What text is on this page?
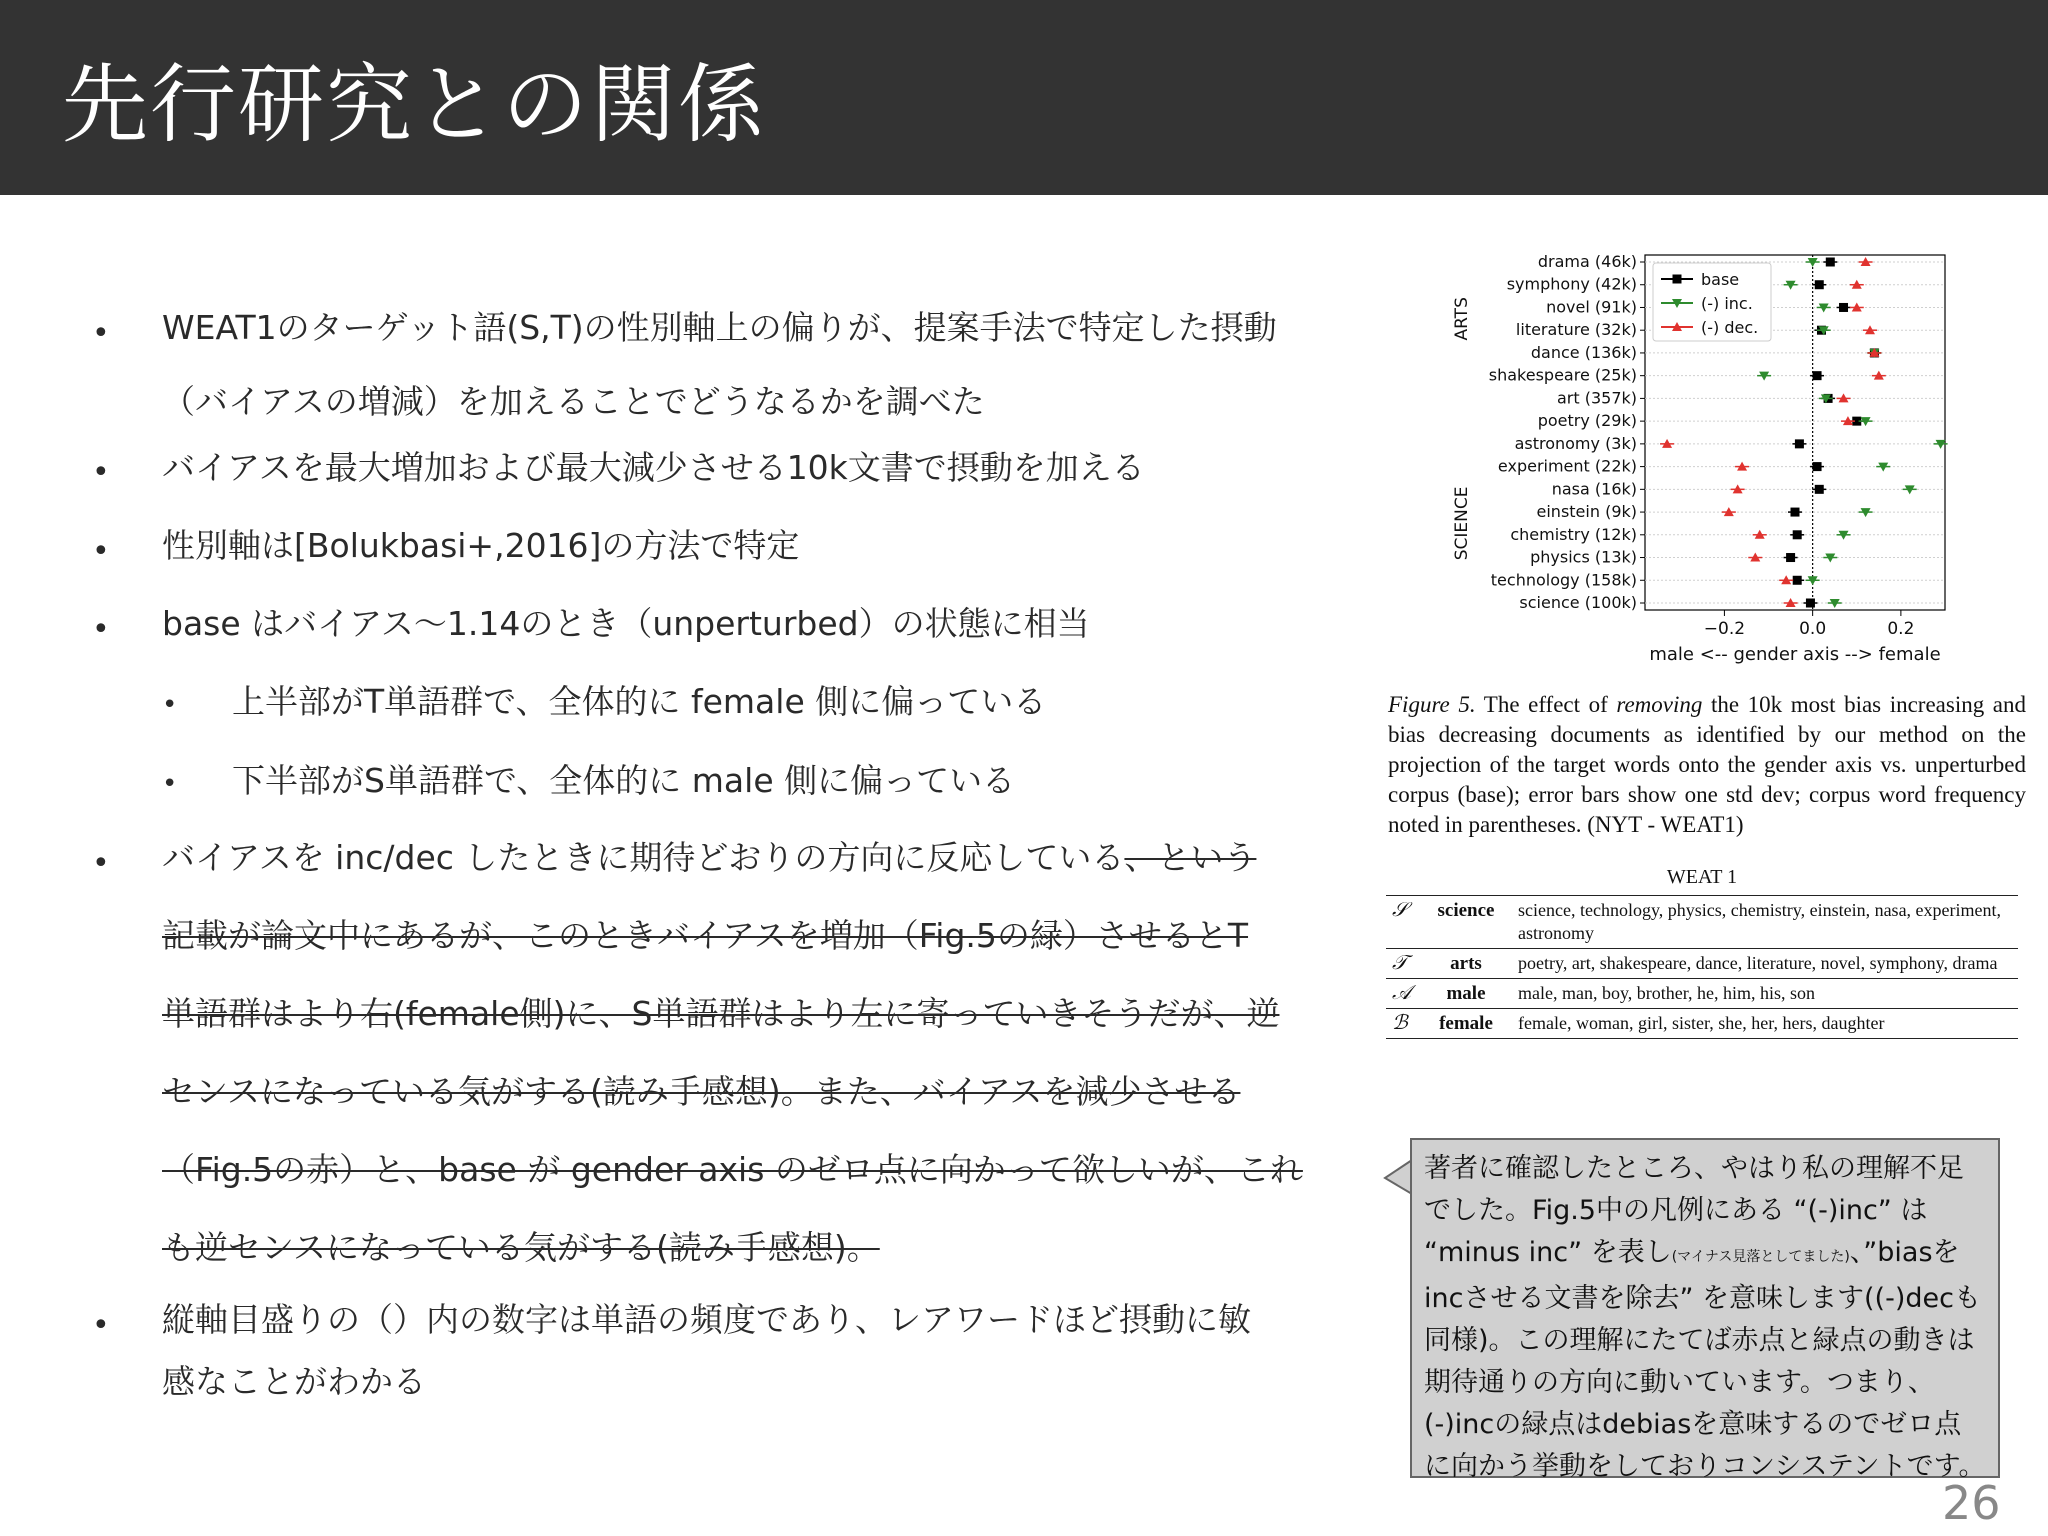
先行研究との関係
• WEAT1のターゲット語(S,T)の性別軸上の偏りが、提案手法で特定した摂動
（バイアスの増減）を加えることでどうなるかを調べた
• バイアスを最大増加および最大減少させる10k文書で摂動を加える
• 性別軸は[Bolukbasi+,2016]の方法で特定
• base はバイアス〜1.14のとき（unperturbed）の状態に相当
• 上半部がT単語群で、全体的に female 側に偏っている
• 下半部がS単語群で、全体的に male 側に偏っている
• バイアスを inc/dec したときに期待どおりの方向に反応している、という
記載が論文中にあるが、このときバイアスを増加（Fig.5の緑）させるとT
単語群はより右(female側)に、S単語群はより左に寄っていきそうだが、逆
センスになっている気がする(読み手感想)。また、バイアスを減少させる
（Fig.5の赤）と、base が gender axis のゼロ点に向かって欲しいが、これ
も逆センスになっている気がする(読み手感想)。
• 縦軸目盛りの（）内の数字は単語の頻度であり、レアワードほど摂動に敏
感なことがわかる
drama (46k)
symphony (42k)
novel (91k)
literature (32k)
dance (136k)
shakespeare (25k)
art (357k)
poetry (29k)
astronomy (3k)
experiment (22k)
nasa (16k)
einstein (9k)
chemistry (12k)
physics (13k)
technology (158k)
science (100k)
ARTS
SCIENCE
−0.2	0.0	0.2
male <-- gender axis --> female
base
(-) inc.
(-) dec.
Figure 5. The effect of removing the 10k most bias increasing and bias decreasing documents as identified by our method on the projection of the target words onto the gender axis vs. unperturbed corpus (base); error bars show one std dev; corpus word frequency noted in parentheses. (NYT - WEAT1)
WEAT 1
𝒮	science	science, technology, physics, chemistry, einstein, nasa, experiment, astronomy
𝒯	arts	poetry, art, shakespeare, dance, literature, novel, symphony, drama
𝒜	male	male, man, boy, brother, he, him, his, son
ℬ	female	female, woman, girl, sister, she, her, hers, daughter
著者に確認したところ、やはり私の理解不足でした。Fig.5中の凡例にある “(-)inc” は “minus inc” を表し(マイナス見落としてました)、”biasをincさせる文書を除去” を意味します((-)decも同様)。この理解にたてば赤点と緑点の動きは期待通りの方向に動いています。つまり、(-)incの緑点はdebiasを意味するのでゼロ点に向かう挙動をしておりコンシステントです。
26
